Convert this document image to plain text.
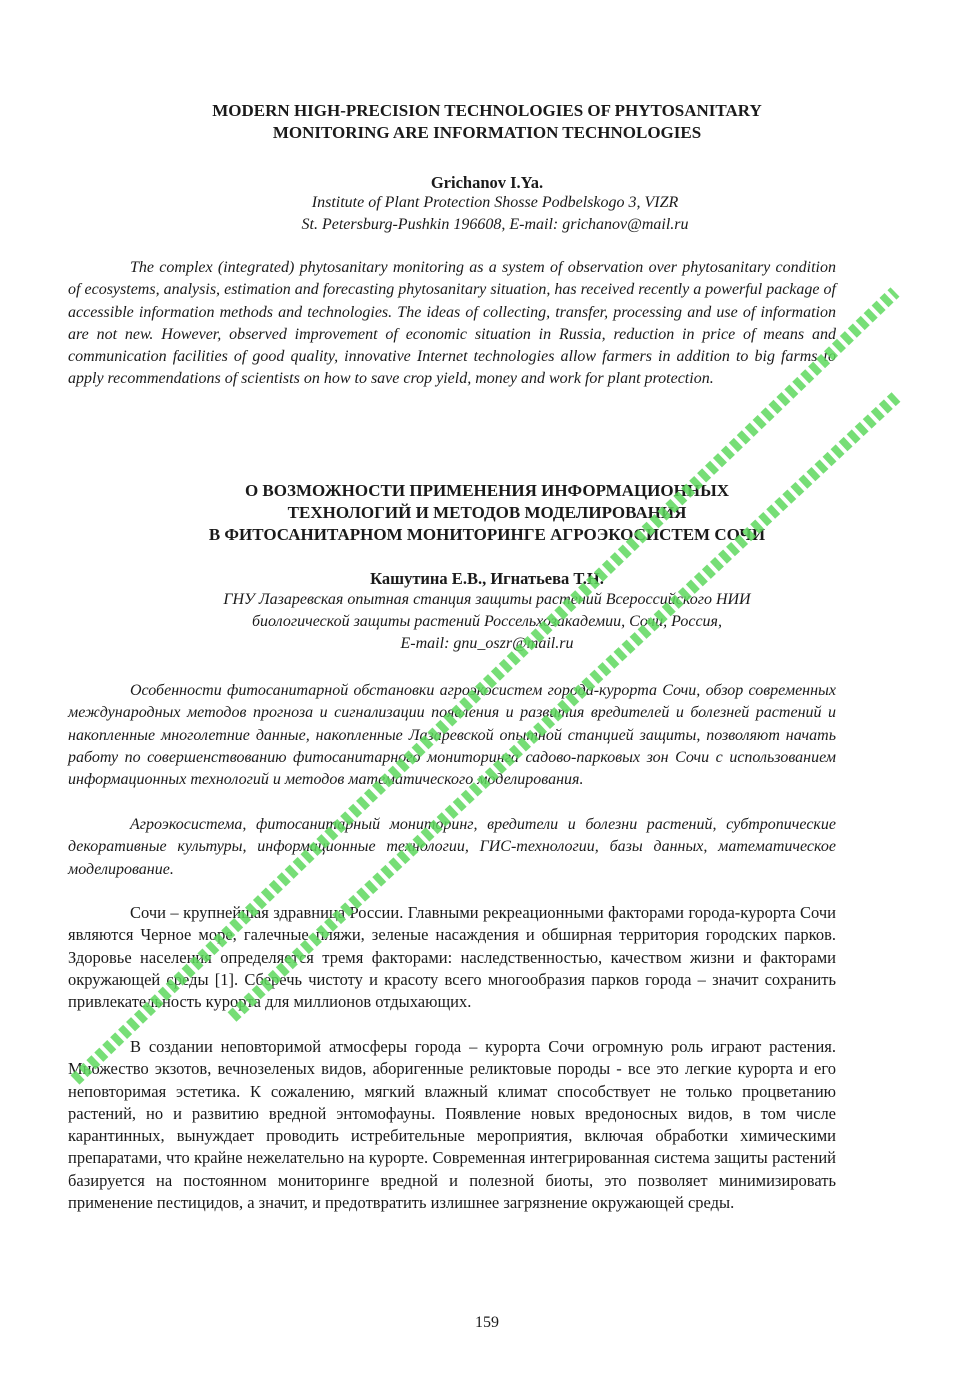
MODERN HIGH-PRECISION TECHNOLOGIES OF PHYTOSANITARY
MONITORING ARE INFORMATION TECHNOLOGIES

Grichanov I.Ya.

Institute of Plant Protection Shosse Podbelskogo 3, VIZR
St. Petersburg-Pushkin 196608, E-mail: grichanov@mail.ru

The complex (integrated) phytosanitary monitoring as a system of observation over phytosanitary condition of ecosystems, analysis, estimation and forecasting phytosanitary situation, has received recently a powerful package of accessible information methods and technologies. The ideas of collecting, transfer, processing and use of information are not new. However, observed improvement of economic situation in Russia, reduction in price of means and communication facilities of good quality, innovative Internet technologies allow farmers in addition to big farms to apply recommendations of scientists on how to save crop yield, money and work for plant protection.

О ВОЗМОЖНОСТИ ПРИМЕНЕНИЯ ИНФОРМАЦИОННЫХ
ТЕХНОЛОГИЙ И МЕТОДОВ МОДЕЛИРОВАНИЯ
В ФИТОСАНИТАРНОМ МОНИТОРИНГЕ АГРОЭКОСИСТЕМ СОЧИ

Кашутина Е.В., Игнатьева Т.Н.

ГНУ Лазаревская опытная станция защиты растений Всероссийского НИИ
биологической защиты растений Россельхозакадемии, Сочи, Россия,
E-mail: gnu_oszr@mail.ru

Особенности фитосанитарной обстановки агроэкосистем города-курорта Сочи, обзор современных международных методов прогноза и сигнализации появления и развития вредителей и болезней растений и накопленные многолетние данные, накопленные Лазаревской опытной станцией защиты, позволяют начать работу по совершенствованию фитосанитарного мониторинга садово-парковых зон Сочи с использованием информационных технологий и методов математического моделирования.

Агроэкосистема, фитосанитарный мониторинг, вредители и болезни растений, субтропические декоративные культуры, информационные технологии, ГИС-технологии, базы данных, математическое моделирование.

Сочи – крупнейшая здравница России. Главными рекреационными факторами города-курорта Сочи являются Черное море, галечные пляжи, зеленые насаждения и обширная территория городских парков. Здоровье населения определяется тремя факторами: наследственностью, качеством жизни и факторами окружающей среды [1]. Сберечь чистоту и красоту всего многообразия парков города – значит сохранить привлекательность курорта для миллионов отдыхающих.

В создании неповторимой атмосферы города – курорта Сочи огромную роль играют растения. Множество экзотов, вечнозеленых видов, аборигенные реликтовые породы - все это легкие курорта и его неповторимая эстетика. К сожалению, мягкий влажный климат способствует не только процветанию растений, но и развитию вредной энтомофауны. Появление новых вредоносных видов, в том числе карантинных, вынуждает проводить истребительные мероприятия, включая обработки химическими препаратами, что крайне нежелательно на курорте. Современная интегрированная система защиты растений базируется на постоянном мониторинге вредной и полезной биоты, это позволяет минимизировать применение пестицидов, а значит, и предотвратить излишнее загрязнение окружающей среды.

159
